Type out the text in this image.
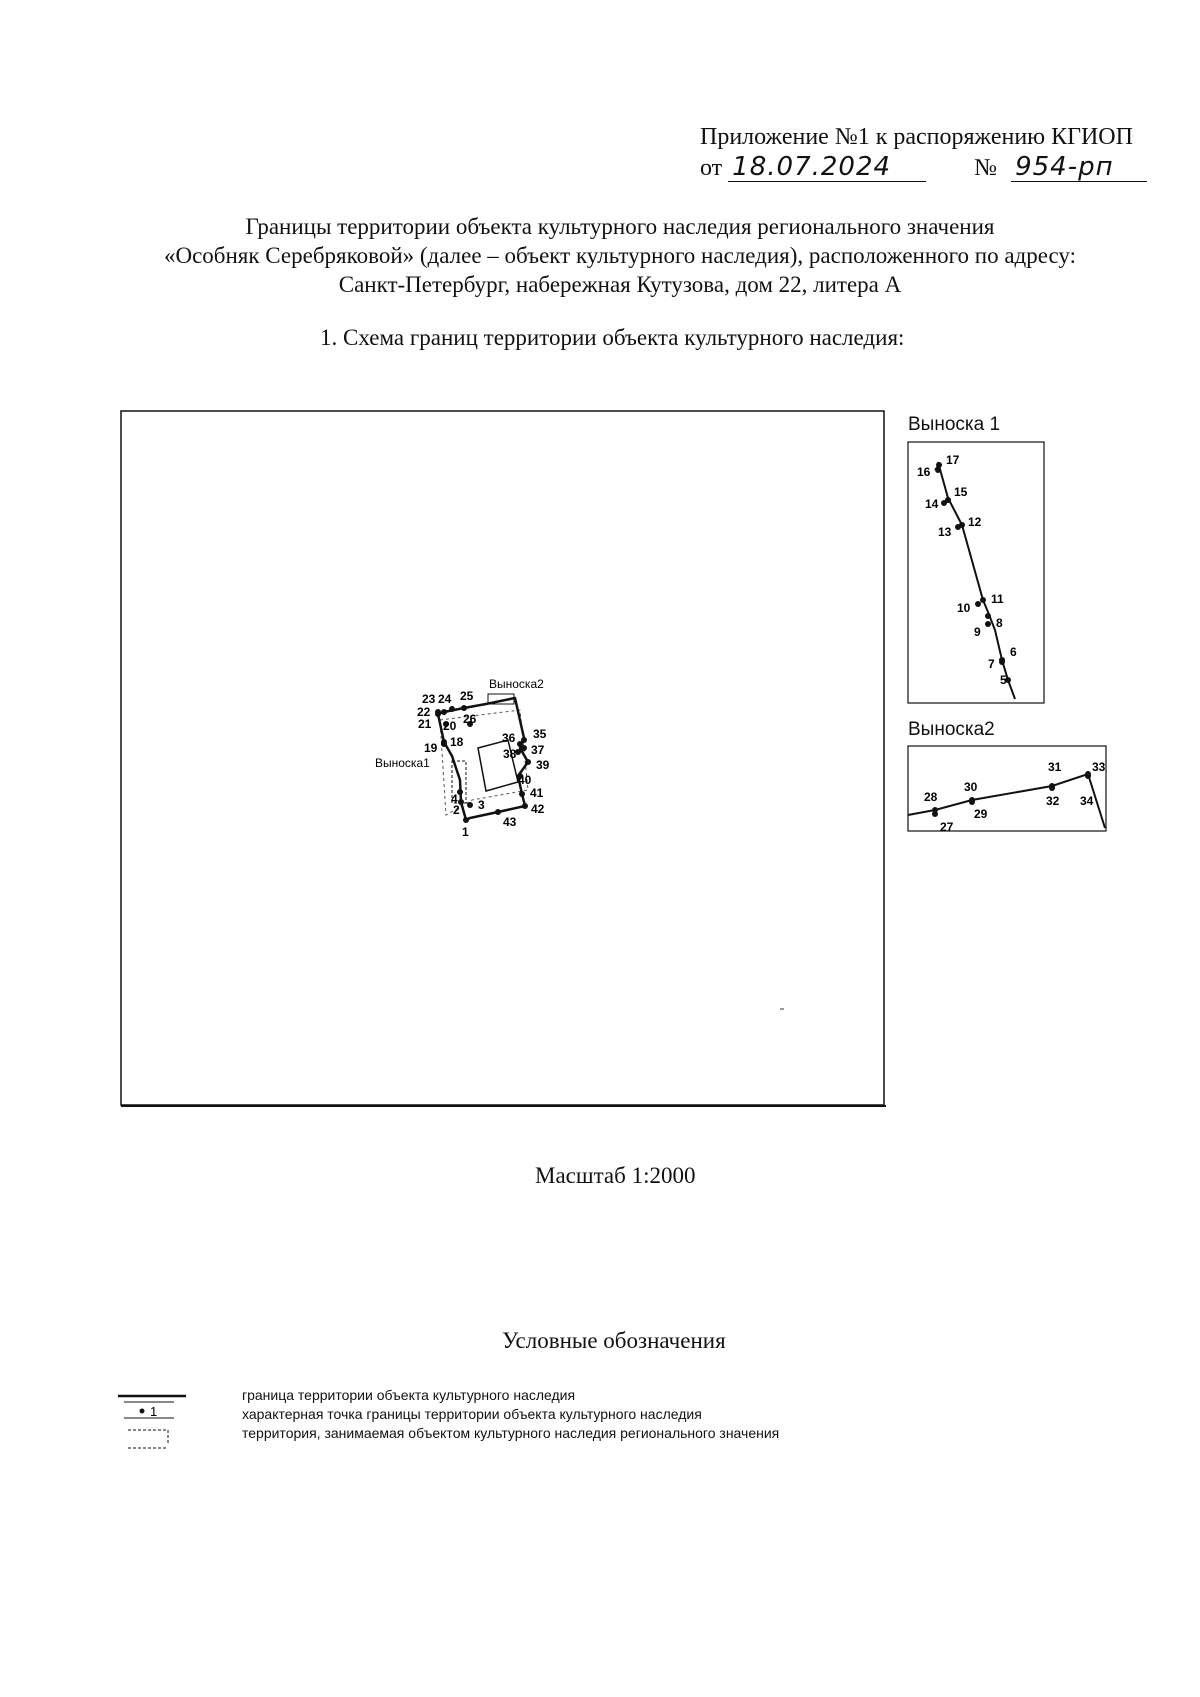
Приложение №1 к распоряжению КГИОП
от 18.07.2024	№ 954-рп
Границы территории объекта культурного наследия регионального значения
«Особняк Серебряковой» (далее – объект культурного наследия), расположенного по адресу:
Санкт-Петербург, набережная Кутузова, дом 22, литера А
1. Схема границ территории объекта культурного наследия:
1
2 3
4
18
19
20
21
22
23 24 25
26
35
36
37
38
39
40
41
42
43
Выноска2
Выноска1
17
16
15
14
12
13
11
10
8
9
6
7
5
31	33
30
28	32 34
29
27
1
Выноска 1
Выноска2
Масштаб 1:2000
Условные обозначения
граница территории объекта культурного наследия
характерная точка границы территории объекта культурного наследия
территория, занимаемая объектом культурного наследия регионального значения
